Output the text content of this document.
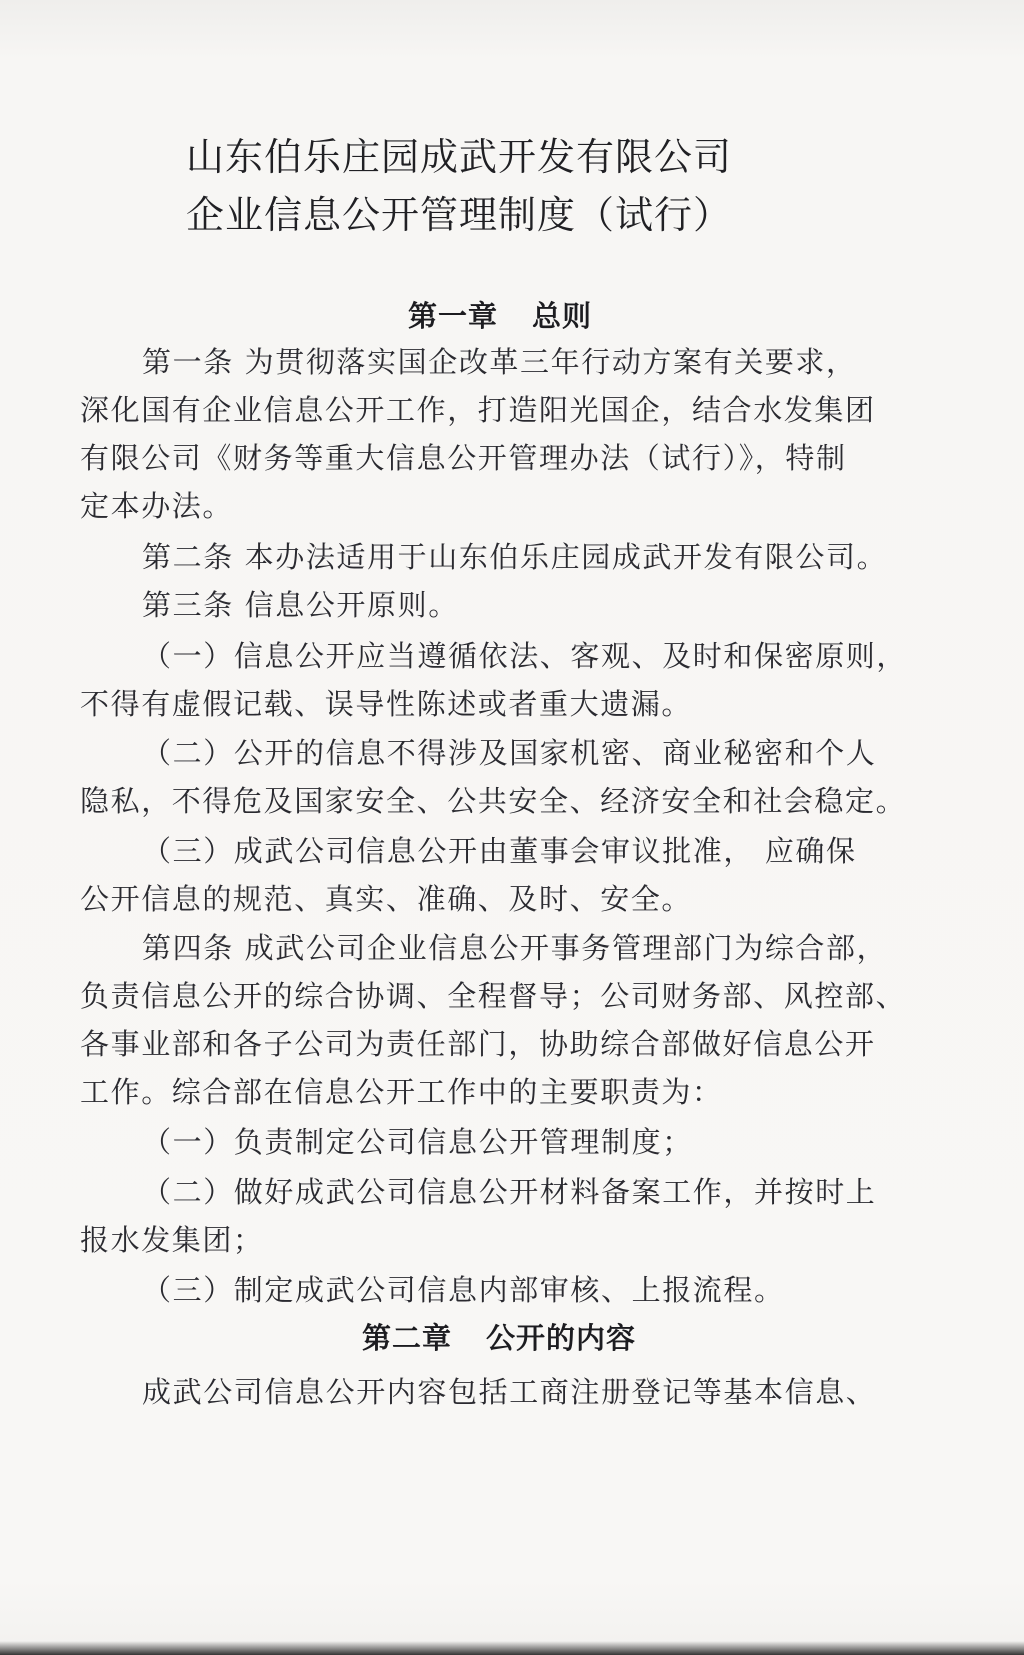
山东伯乐庄园成武开发有限公司
企业信息公开管理制度（试行）
第一章 总则
第一条 为贯彻落实国企改革三年行动方案有关要求，
深化国有企业信息公开工作，打造阳光国企，结合水发集团
有限公司《财务等重大信息公开管理办法（试行）》，特制
定本办法。
第二条 本办法适用于山东伯乐庄园成武开发有限公司。
第三条 信息公开原则。
（一）信息公开应当遵循依法、客观、及时和保密原则，
不得有虚假记载、误导性陈述或者重大遗漏。
（二）公开的信息不得涉及国家机密、商业秘密和个人
隐私，不得危及国家安全、公共安全、经济安全和社会稳定。
（三）成武公司信息公开由董事会审议批准， 应确保
公开信息的规范、真实、准确、及时、安全。
第四条 成武公司企业信息公开事务管理部门为综合部，
负责信息公开的综合协调、全程督导；公司财务部、风控部、
各事业部和各子公司为责任部门，协助综合部做好信息公开
工作。综合部在信息公开工作中的主要职责为：
（一）负责制定公司信息公开管理制度；
（二）做好成武公司信息公开材料备案工作，并按时上
报水发集团；
（三）制定成武公司信息内部审核、上报流程。
第二章 公开的内容
成武公司信息公开内容包括工商注册登记等基本信息、
